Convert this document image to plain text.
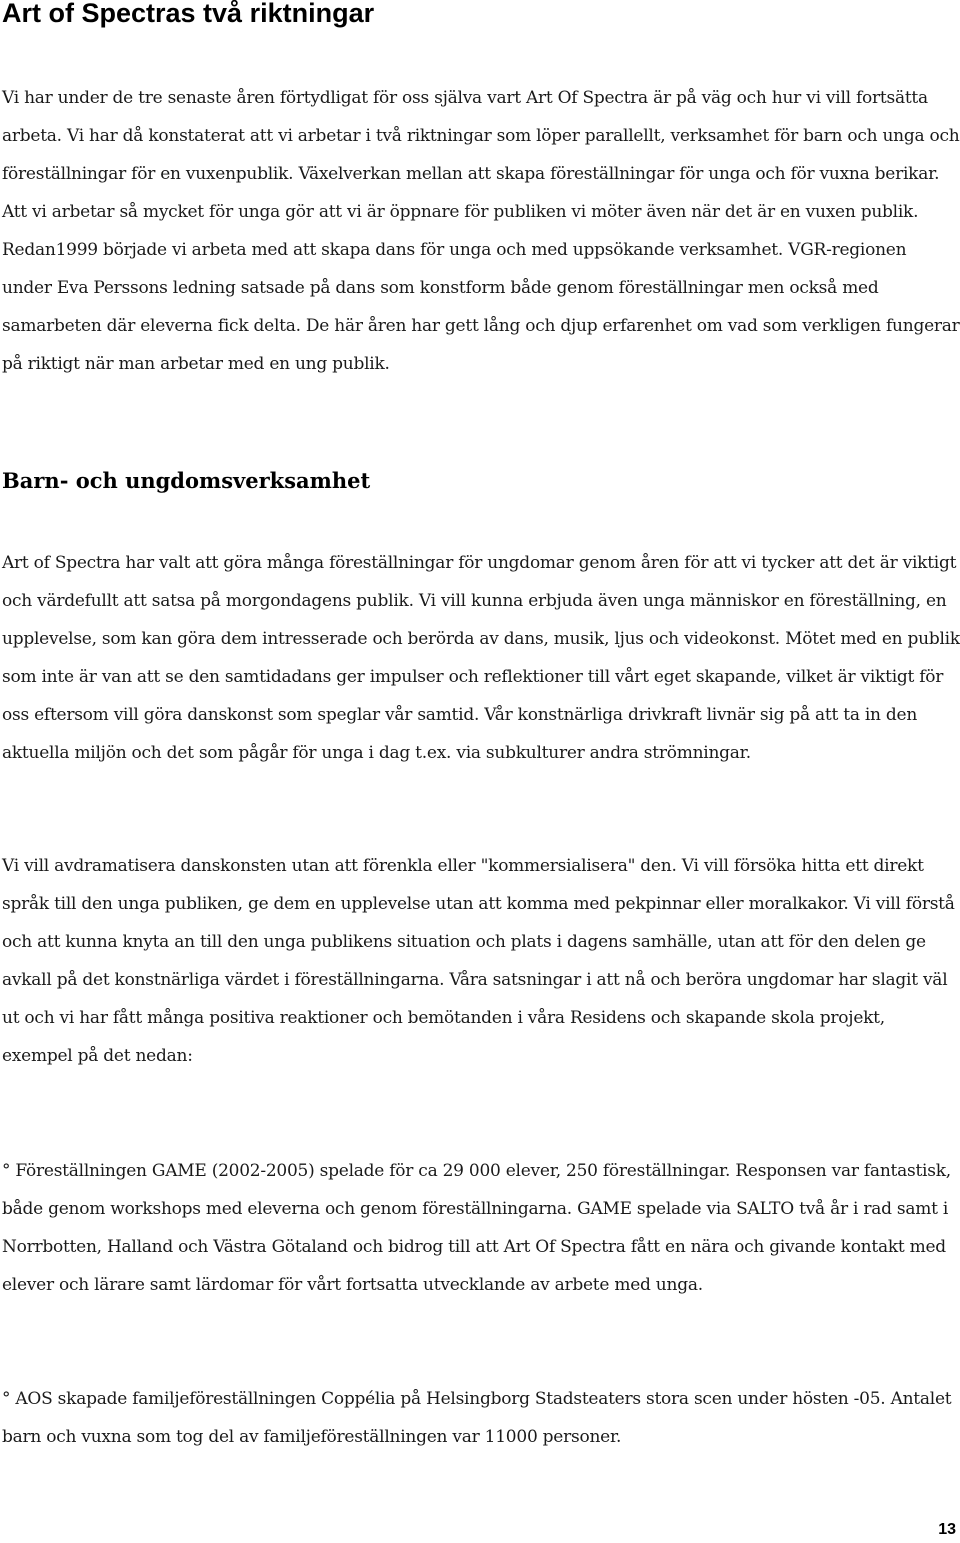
Art of Spectras två riktningar

Vi har under de tre senaste åren förtydligat för oss själva vart Art Of Spectra är på väg och hur vi vill fortsätta arbeta. Vi har då konstaterat att vi arbetar i två riktningar som löper parallellt, verksamhet för barn och unga och föreställningar för en vuxenpublik. Växelverkan mellan att skapa föreställningar för unga och för vuxna berikar. Att vi arbetar så mycket för unga gör att vi är öppnare för publiken vi möter även när det är en vuxen publik. Redan1999 började vi arbeta med att skapa dans för unga och med uppsökande verksamhet. VGR-regionen under Eva Perssons ledning satsade på dans som konstform både genom föreställningar men också med samarbeten där eleverna fick delta. De här åren har gett lång och djup erfarenhet om vad som verkligen fungerar på riktigt när man arbetar med en ung publik.

Barn- och ungdomsverksamhet

Art of Spectra har valt att göra många föreställningar för ungdomar genom åren för att vi tycker att det är viktigt och värdefullt att satsa på morgondagens publik. Vi vill kunna erbjuda även unga människor en föreställning, en upplevelse, som kan göra dem intresserade och berörda av dans, musik, ljus och videokonst. Mötet med en publik som inte är van att se den samtidadans ger impulser och reflektioner till vårt eget skapande, vilket är viktigt för oss eftersom vill göra danskonst som speglar vår samtid. Vår konstnärliga drivkraft livnär sig på att ta in den aktuella miljön och det som pågår för unga i dag t.ex. via subkulturer andra strömningar.

Vi vill avdramatisera danskonsten utan att förenkla eller "kommersialisera" den. Vi vill försöka hitta ett direkt språk till den unga publiken, ge dem en upplevelse utan att komma med pekpinnar eller moralkakor. Vi vill förstå och att kunna knyta an till den unga publikens situation och plats i dagens samhälle, utan att för den delen ge avkall på det konstnärliga värdet i föreställningarna. Våra satsningar i att nå och beröra ungdomar har slagit väl ut och vi har fått många positiva reaktioner och bemötanden i våra Residens och skapande skola projekt, exempel på det nedan:

° Föreställningen GAME (2002-2005) spelade för ca 29 000 elever, 250 föreställningar. Responsen var fantastisk, både genom workshops med eleverna och genom föreställningarna. GAME spelade via SALTO två år i rad samt i Norrbotten, Halland och Västra Götaland och bidrog till att Art Of Spectra fått en nära och givande kontakt med elever och lärare samt lärdomar för vårt fortsatta utvecklande av arbete med unga.

° AOS skapade familjeföreställningen Coppélia på Helsingborg Stadsteaters stora scen under hösten -05. Antalet barn och vuxna som tog del av familjeföreställningen var 11000 personer.

13
